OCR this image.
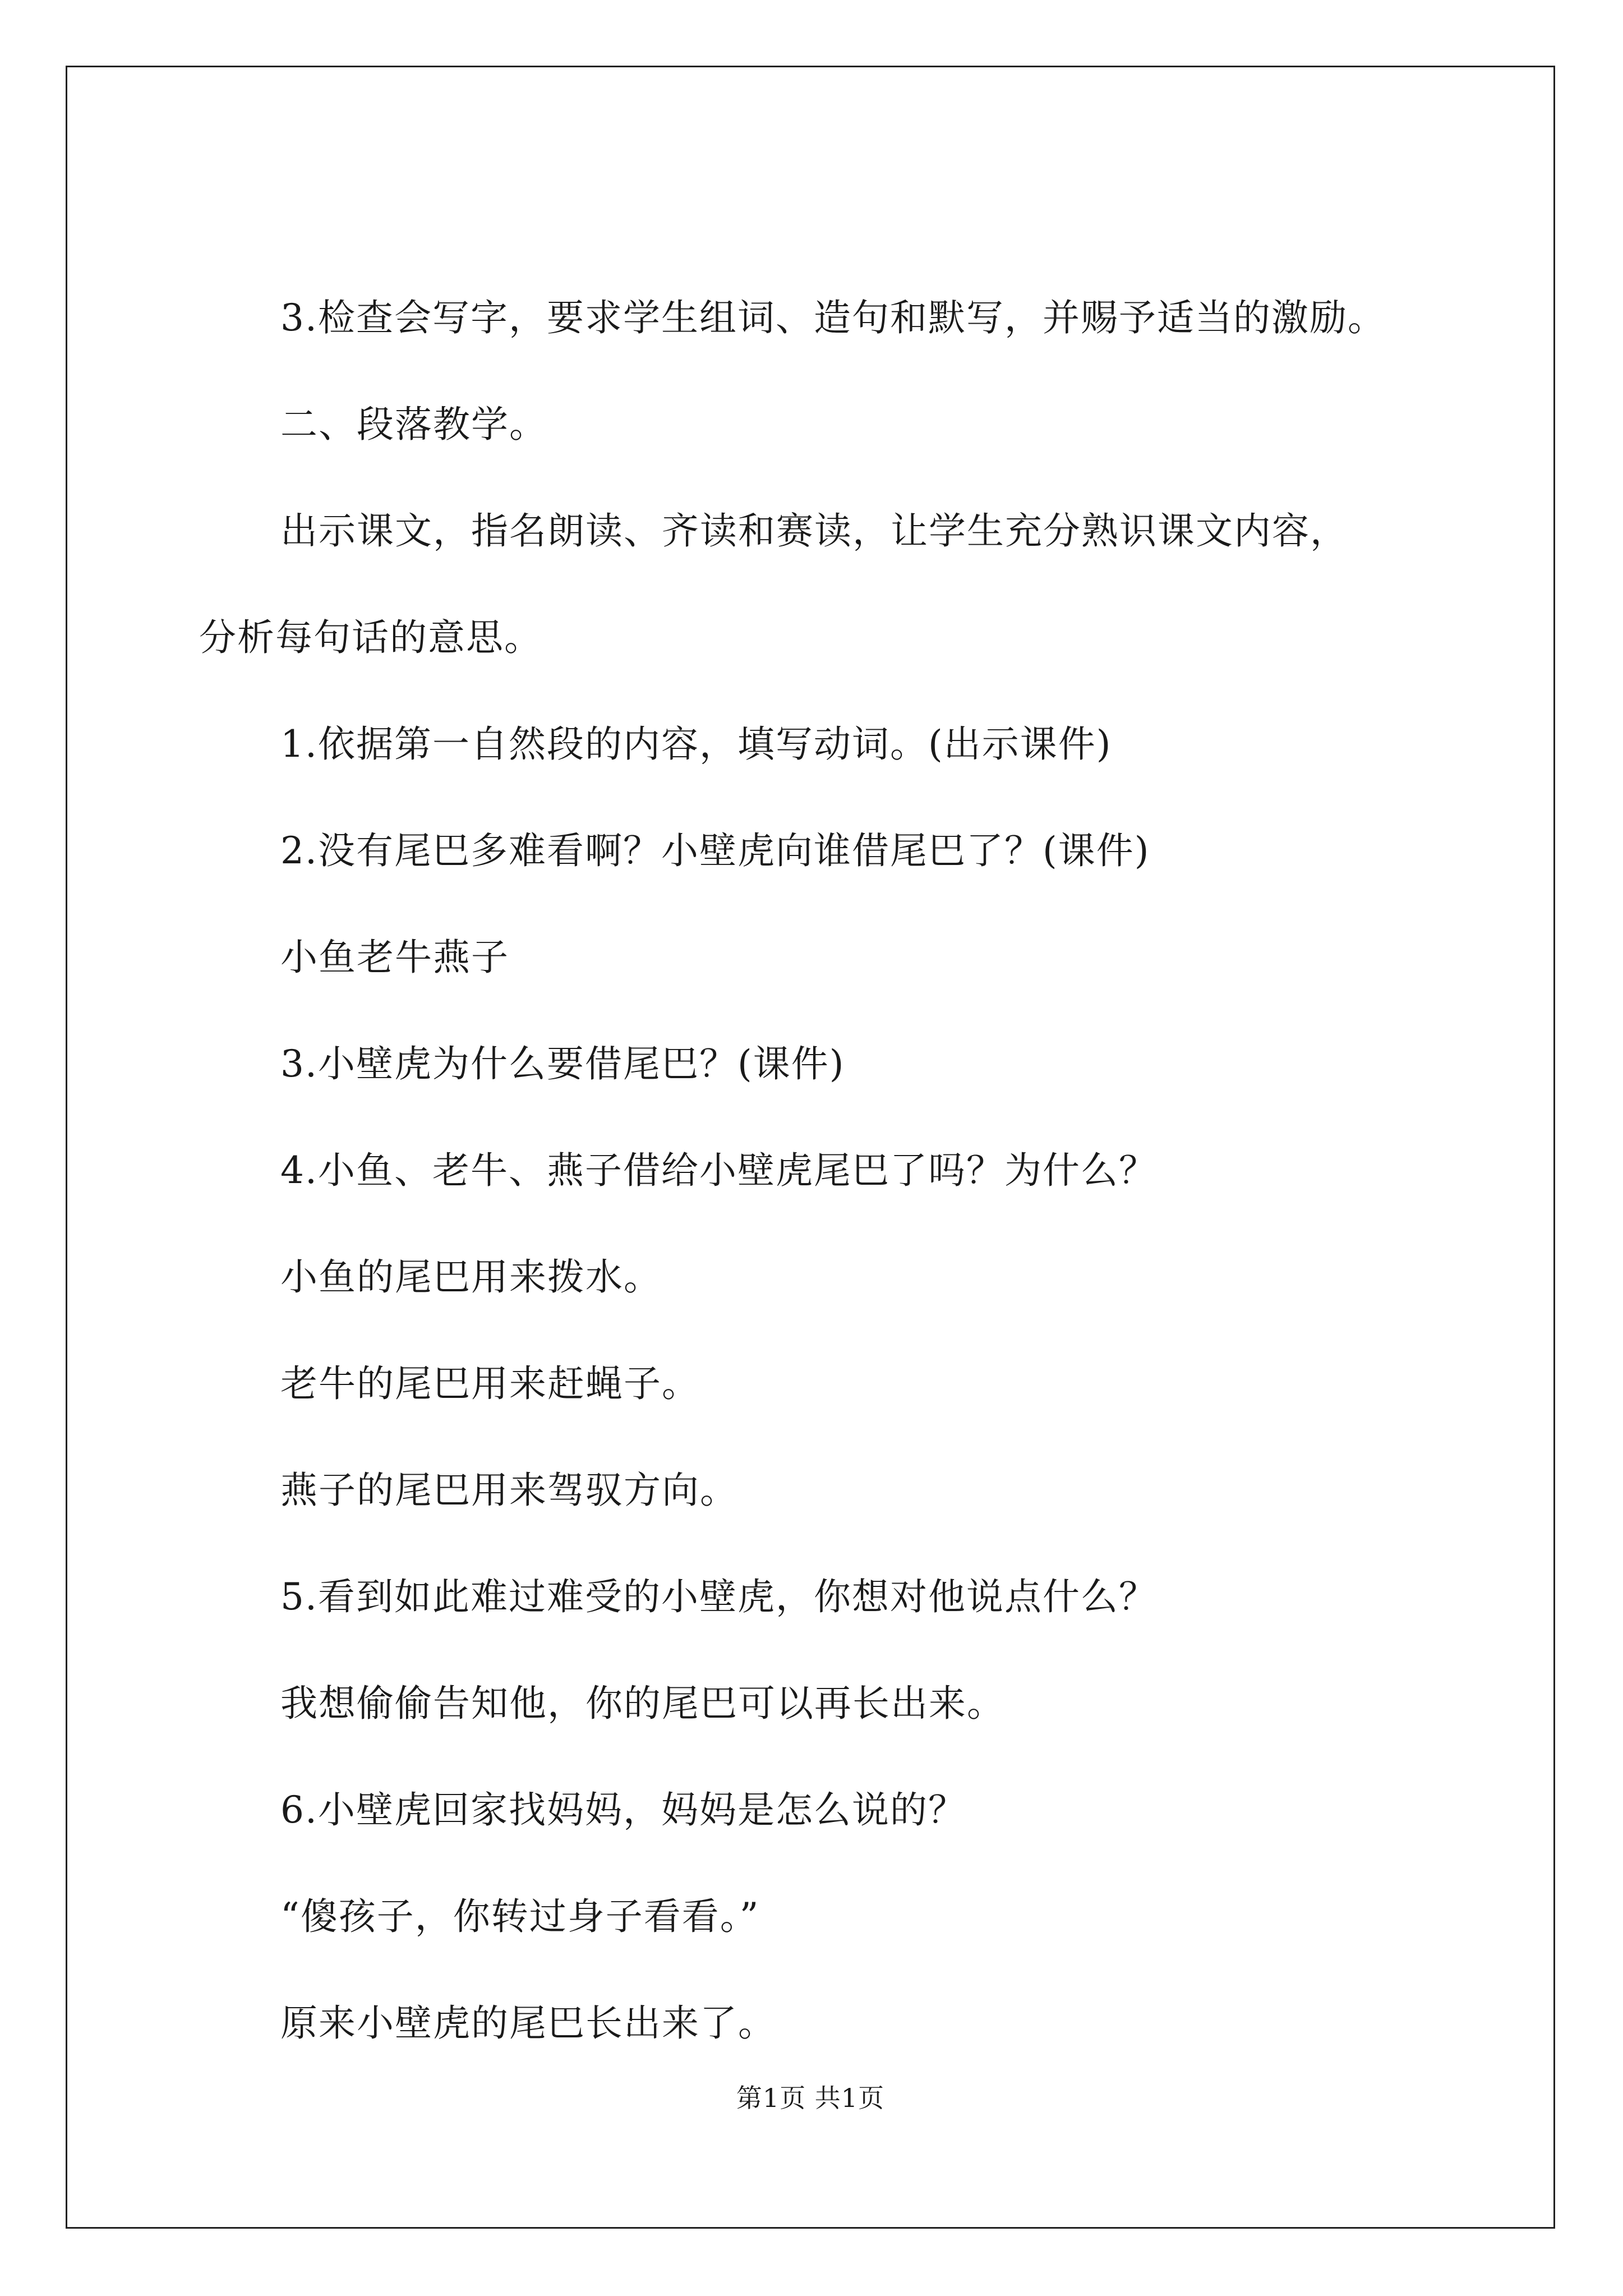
3.检查会写字，要求学生组词、造句和默写，并赐予适当的激励。
二、段落教学。
出示课文，指名朗读、齐读和赛读，让学生充分熟识课文内容，
分析每句话的意思。
1.依据第一自然段的内容，填写动词。(出示课件)
2.没有尾巴多难看啊？小壁虎向谁借尾巴了？(课件)
小鱼老牛燕子
3.小壁虎为什么要借尾巴？(课件)
4.小鱼、老牛、燕子借给小壁虎尾巴了吗？为什么？
小鱼的尾巴用来拨水。
老牛的尾巴用来赶蝇子。
燕子的尾巴用来驾驭方向。
5.看到如此难过难受的小壁虎，你想对他说点什么？
我想偷偷告知他，你的尾巴可以再长出来。
6.小壁虎回家找妈妈，妈妈是怎么说的？
“傻孩子，你转过身子看看。”
原来小壁虎的尾巴长出来了。
第1页 共1页
